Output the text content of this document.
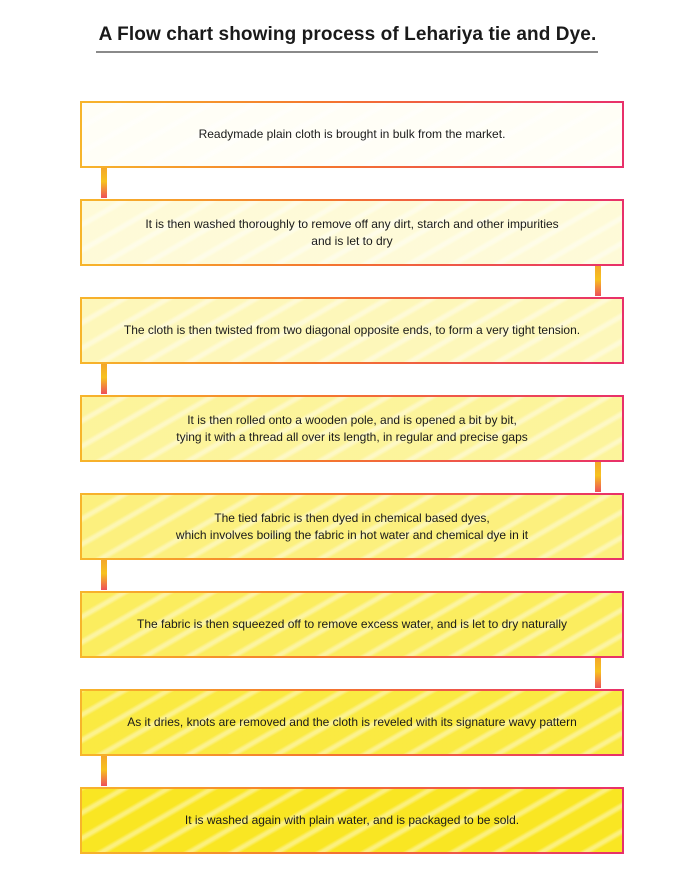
A Flow chart showing process of Lehariya tie and Dye.
Readymade plain cloth is brought in bulk from the market.
It is then washed thoroughly to remove off any dirt, starch and other impurities
and is let to dry
The cloth is then twisted from two diagonal opposite ends, to form a very tight tension.
It is then rolled onto a wooden pole, and is opened a bit by bit,
tying it with a thread all over its length, in regular and precise gaps
The tied fabric is then dyed in chemical based dyes,
which involves boiling the fabric in hot water and chemical dye in it
The fabric is then squeezed off to remove excess water, and is let to dry naturally
As it dries, knots are removed and the cloth is reveled with its signature wavy pattern
It is washed again with plain water, and is packaged to be sold.
